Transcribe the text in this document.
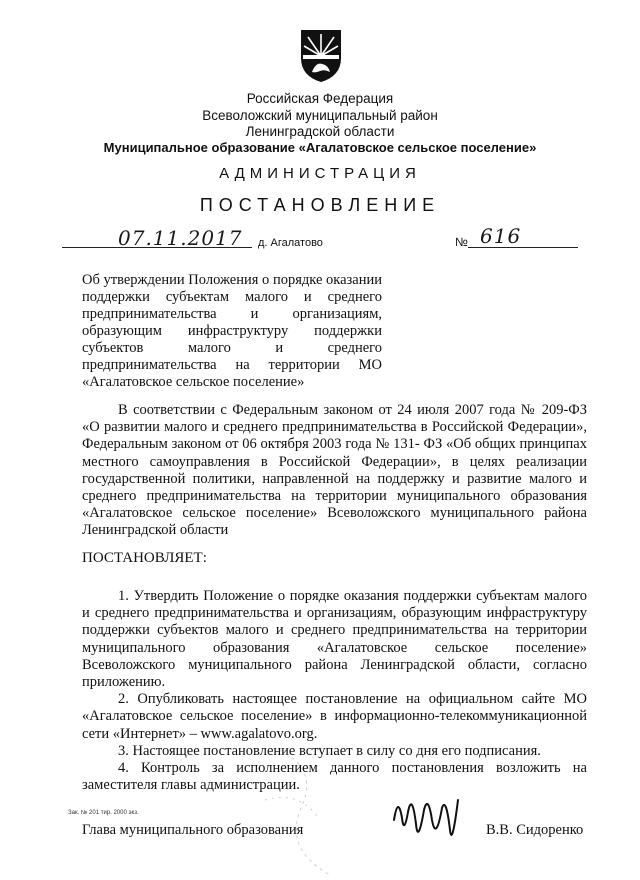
Российская Федерация
Всеволожский муниципальный район
Ленинградской области
Муниципальное образование «Агалатовское сельское поселение»
АДМИНИСТРАЦИЯ
ПОСТАНОВЛЕНИЕ
07.11.2017 д. Агалатово	№ 616
Об утверждении Положения о порядке оказании поддержки субъектам малого и среднего предпринимательства и организациям, образующим инфраструктуру поддержки субъектов малого и среднего предпринимательства на территории МО «Агалатовское сельское поселение»
В соответствии с Федеральным законом от 24 июля 2007 года № 209-ФЗ «О развитии малого и среднего предпринимательства в Российской Федерации», Федеральным законом от 06 октября 2003 года № 131- ФЗ «Об общих принципах местного самоуправления в Российской Федерации», в целях реализации государственной политики, направленной на поддержку и развитие малого и среднего предпринимательства на территории муниципального образования «Агалатовское сельское поселение» Всеволожского муниципального района Ленинградской области
ПОСТАНОВЛЯЕТ:

1. Утвердить Положение о порядке оказания поддержки субъектам малого и среднего предпринимательства и организациям, образующим инфраструктуру поддержки субъектов малого и среднего предпринимательства на территории муниципального образования «Агалатовское сельское поселение» Всеволожского муниципального района Ленинградской области, согласно приложению.

2. Опубликовать настоящее постановление на официальном сайте МО «Агалатовское сельское поселение» в информационно-телекоммуникационной сети «Интернет» – www.agalatovo.org.

3. Настоящее постановление вступает в силу со дня его подписания.

4. Контроль за исполнением данного постановления возложить на заместителя главы администрации.

Зак. № 201 тир. 2000 экз.
Глава муниципального образования	В.В. Сидоренко
